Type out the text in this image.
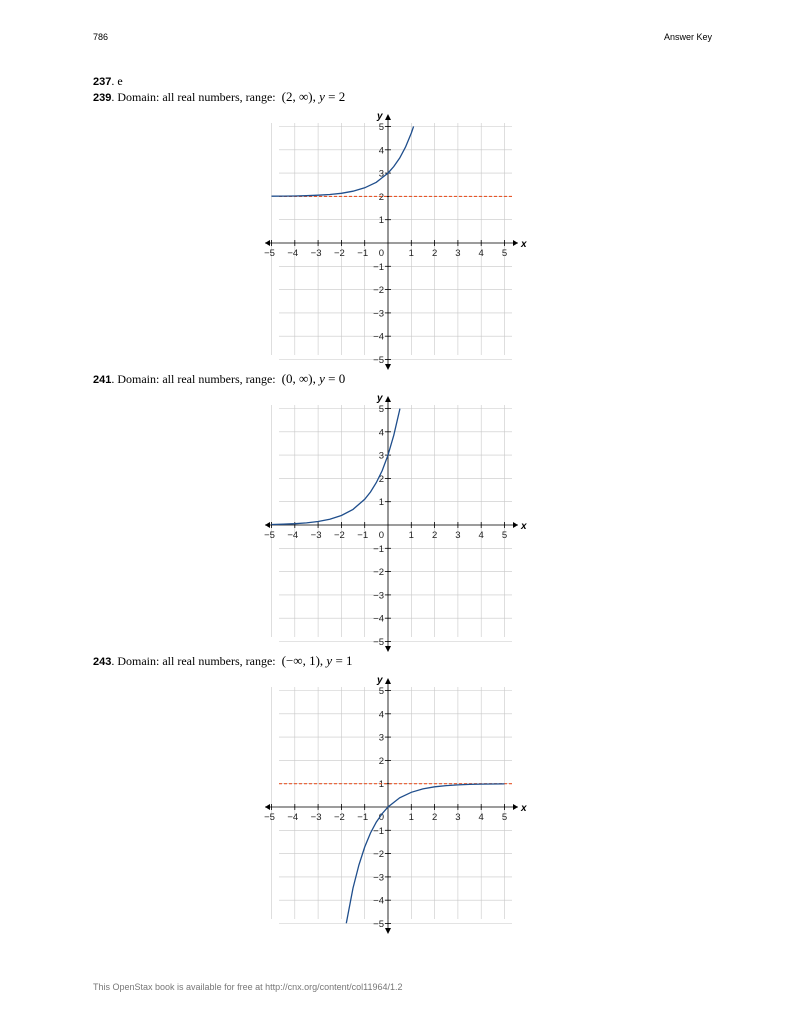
786	Answer Key
237. e
239. Domain: all real numbers, range: (2, ∞), y = 2
−5 −4 −3 −2 −1	1 2 3 4 5
5
4
3
2
1
−1
−2
−3
−4
−5
0
x
y
241. Domain: all real numbers, range: (0, ∞), y = 0
−5 −4 −3 −2 −1	1 2 3 4 5
5
4
3
2
1
−1
−2
−3
−4
−5
0
x
y
243. Domain: all real numbers, range: (−∞, 1), y = 1
−5 −4 −3 −2 −1	1 2 3 4 5
5
4
3
2
1
−1
−2
−3
−4
−5
0
x
y
This OpenStax book is available for free at http://cnx.org/content/col11964/1.2
